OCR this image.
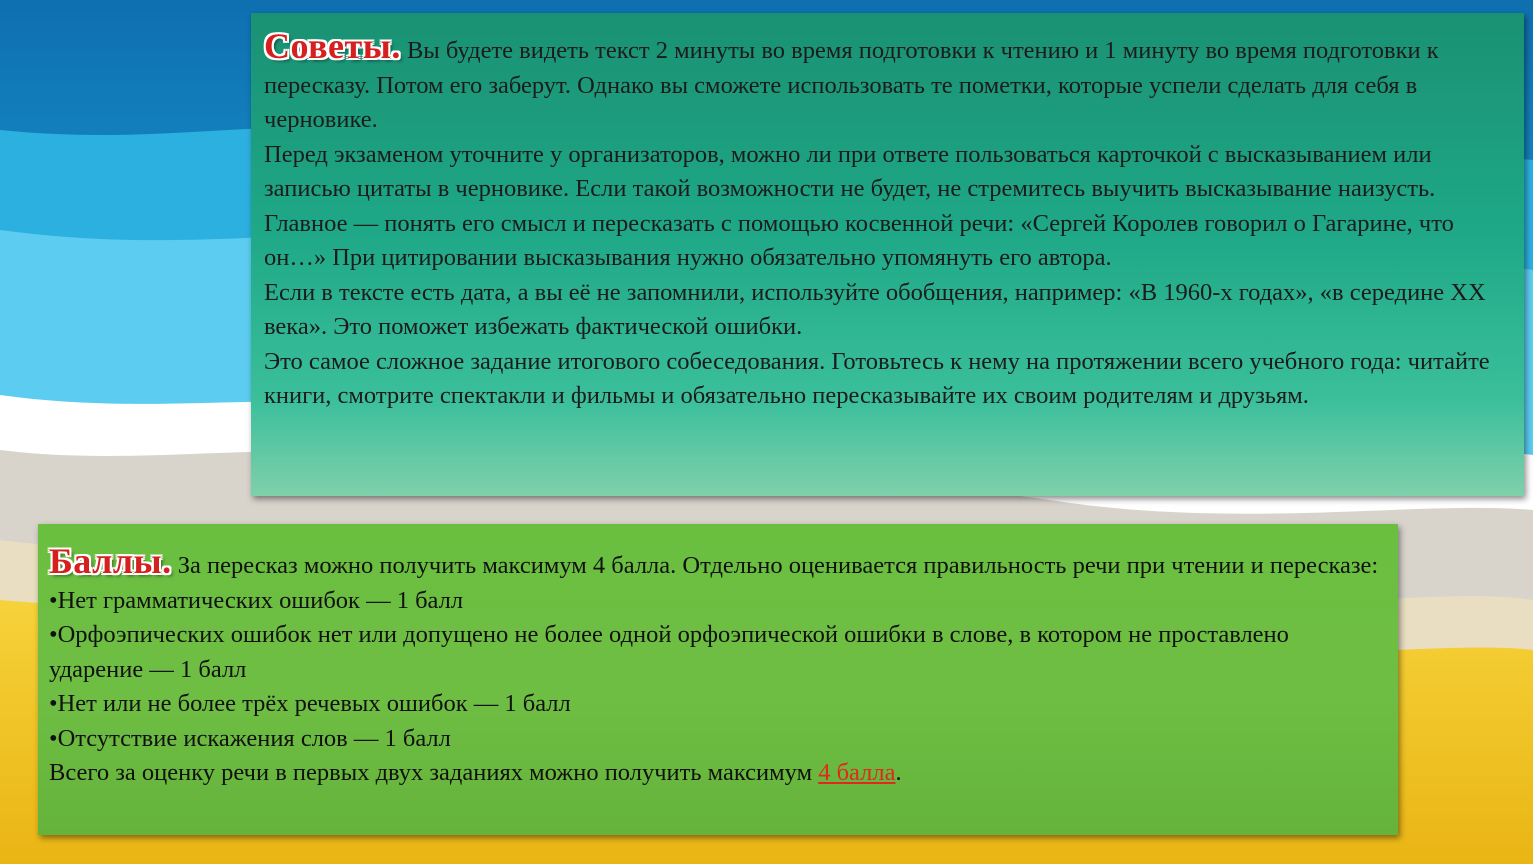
Советы. Вы будете видеть текст 2 минуты во время подготовки к чтению и 1 минуту во время подготовки к пересказу. Потом его заберут. Однако вы сможете использовать те пометки, которые успели сделать для себя в черновике.

Перед экзаменом уточните у организаторов, можно ли при ответе пользоваться карточкой с высказыванием или записью цитаты в черновике. Если такой возможности не будет, не стремитесь выучить высказывание наизусть. Главное — понять его смысл и пересказать с помощью косвенной речи: «Сергей Королев говорил о Гагарине, что он…» При цитировании высказывания нужно обязательно упомянуть его автора.

Если в тексте есть дата, а вы её не запомнили, используйте обобщения, например: «В 1960-х годах», «в середине XX века». Это поможет избежать фактической ошибки.

Это самое сложное задание итогового собеседования. Готовьтесь к нему на протяжении всего учебного года: читайте книги, смотрите спектакли и фильмы и обязательно пересказывайте их своим родителям и друзьям.

Баллы. За пересказ можно получить максимум 4 балла. Отдельно оценивается правильность речи при чтении и пересказе:

•Нет грамматических ошибок — 1 балл

•Орфоэпических ошибок нет или допущено не более одной орфоэпической ошибки в слове, в котором не проставлено ударение — 1 балл

•Нет или не более трёх речевых ошибок — 1 балл

•Отсутствие искажения слов — 1 балл

Всего за оценку речи в первых двух заданиях можно получить максимум 4 балла.
